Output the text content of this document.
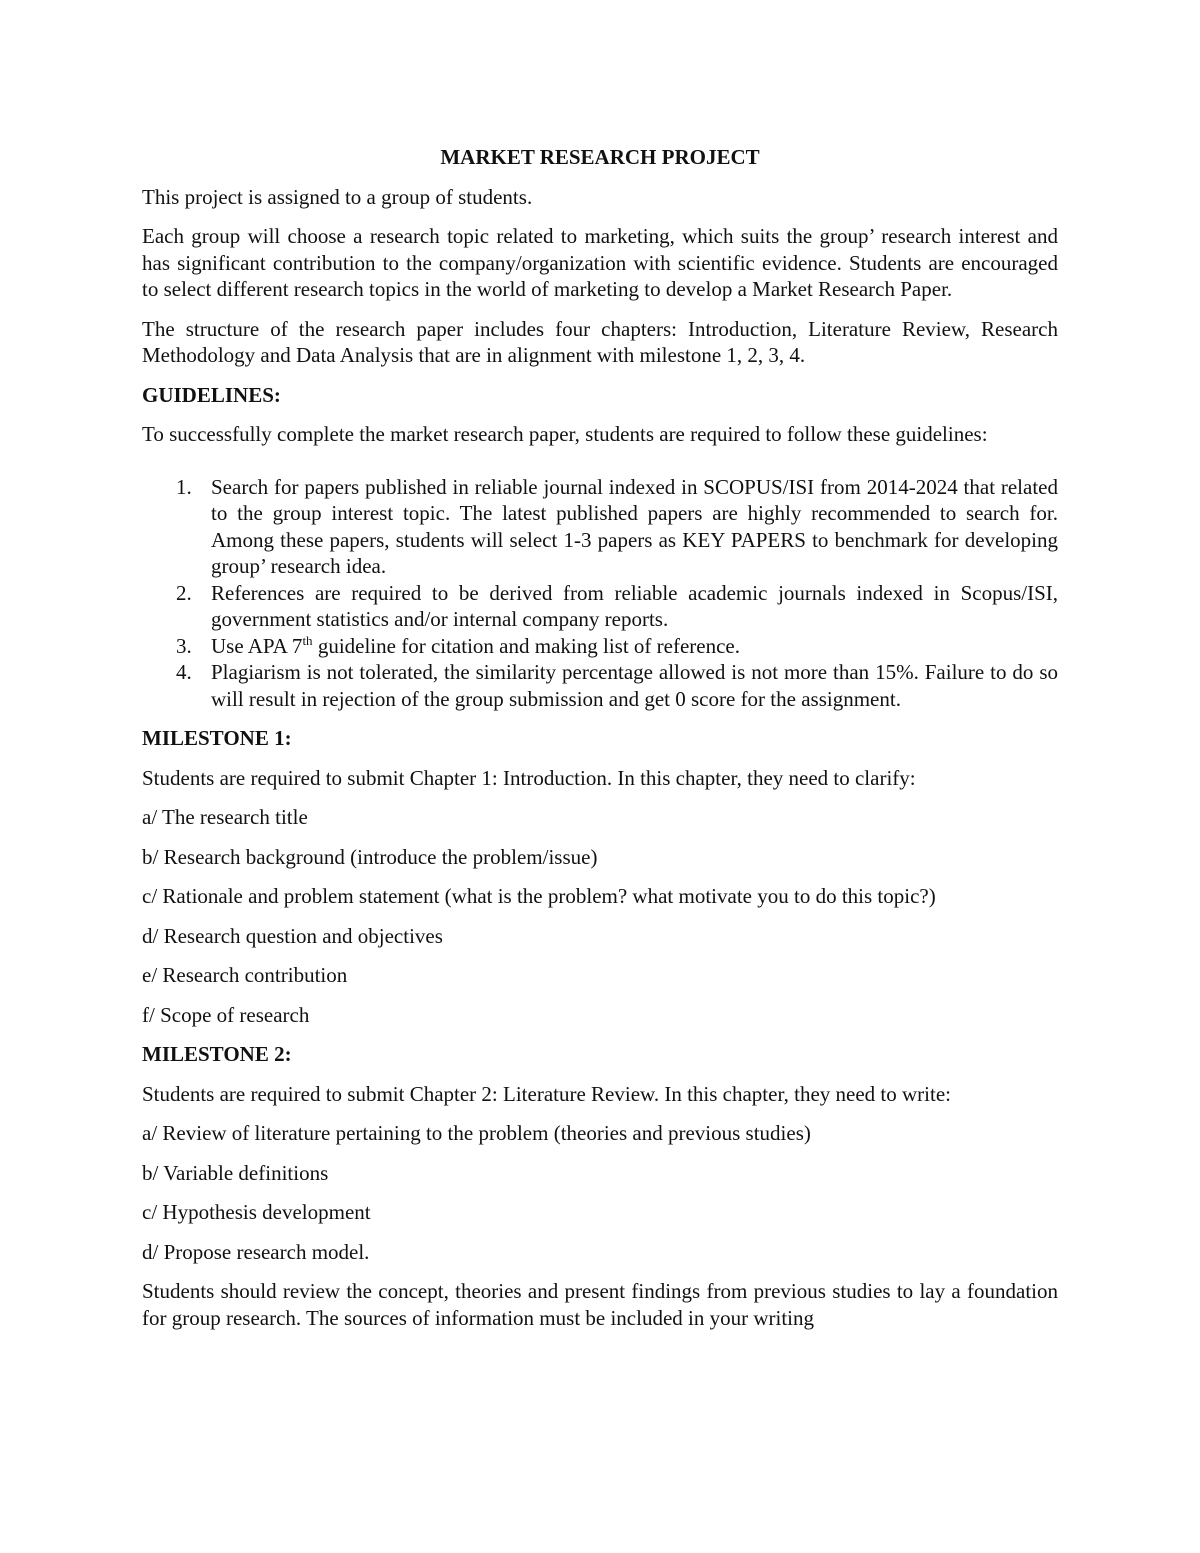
MARKET RESEARCH PROJECT

This project is assigned to a group of students.

Each group will choose a research topic related to marketing, which suits the group’ research interest and has significant contribution to the company/organization with scientific evidence. Students are encouraged to select different research topics in the world of marketing to develop a Market Research Paper.

The structure of the research paper includes four chapters: Introduction, Literature Review, Research Methodology and Data Analysis that are in alignment with milestone 1, 2, 3, 4.

GUIDELINES:

To successfully complete the market research paper, students are required to follow these guidelines:

1. Search for papers published in reliable journal indexed in SCOPUS/ISI from 2014-2024 that related to the group interest topic. The latest published papers are highly recommended to search for. Among these papers, students will select 1-3 papers as KEY PAPERS to benchmark for developing group’ research idea.
2. References are required to be derived from reliable academic journals indexed in Scopus/ISI, government statistics and/or internal company reports.
3. Use APA 7th guideline for citation and making list of reference.
4. Plagiarism is not tolerated, the similarity percentage allowed is not more than 15%. Failure to do so will result in rejection of the group submission and get 0 score for the assignment.
MILESTONE 1:

Students are required to submit Chapter 1: Introduction. In this chapter, they need to clarify:

a/ The research title

b/ Research background (introduce the problem/issue)

c/ Rationale and problem statement (what is the problem? what motivate you to do this topic?)

d/ Research question and objectives

e/ Research contribution

f/ Scope of research

MILESTONE 2:

Students are required to submit Chapter 2: Literature Review. In this chapter, they need to write:

a/ Review of literature pertaining to the problem (theories and previous studies)

b/ Variable definitions

c/ Hypothesis development

d/ Propose research model.

Students should review the concept, theories and present findings from previous studies to lay a foundation for group research. The sources of information must be included in your writing
